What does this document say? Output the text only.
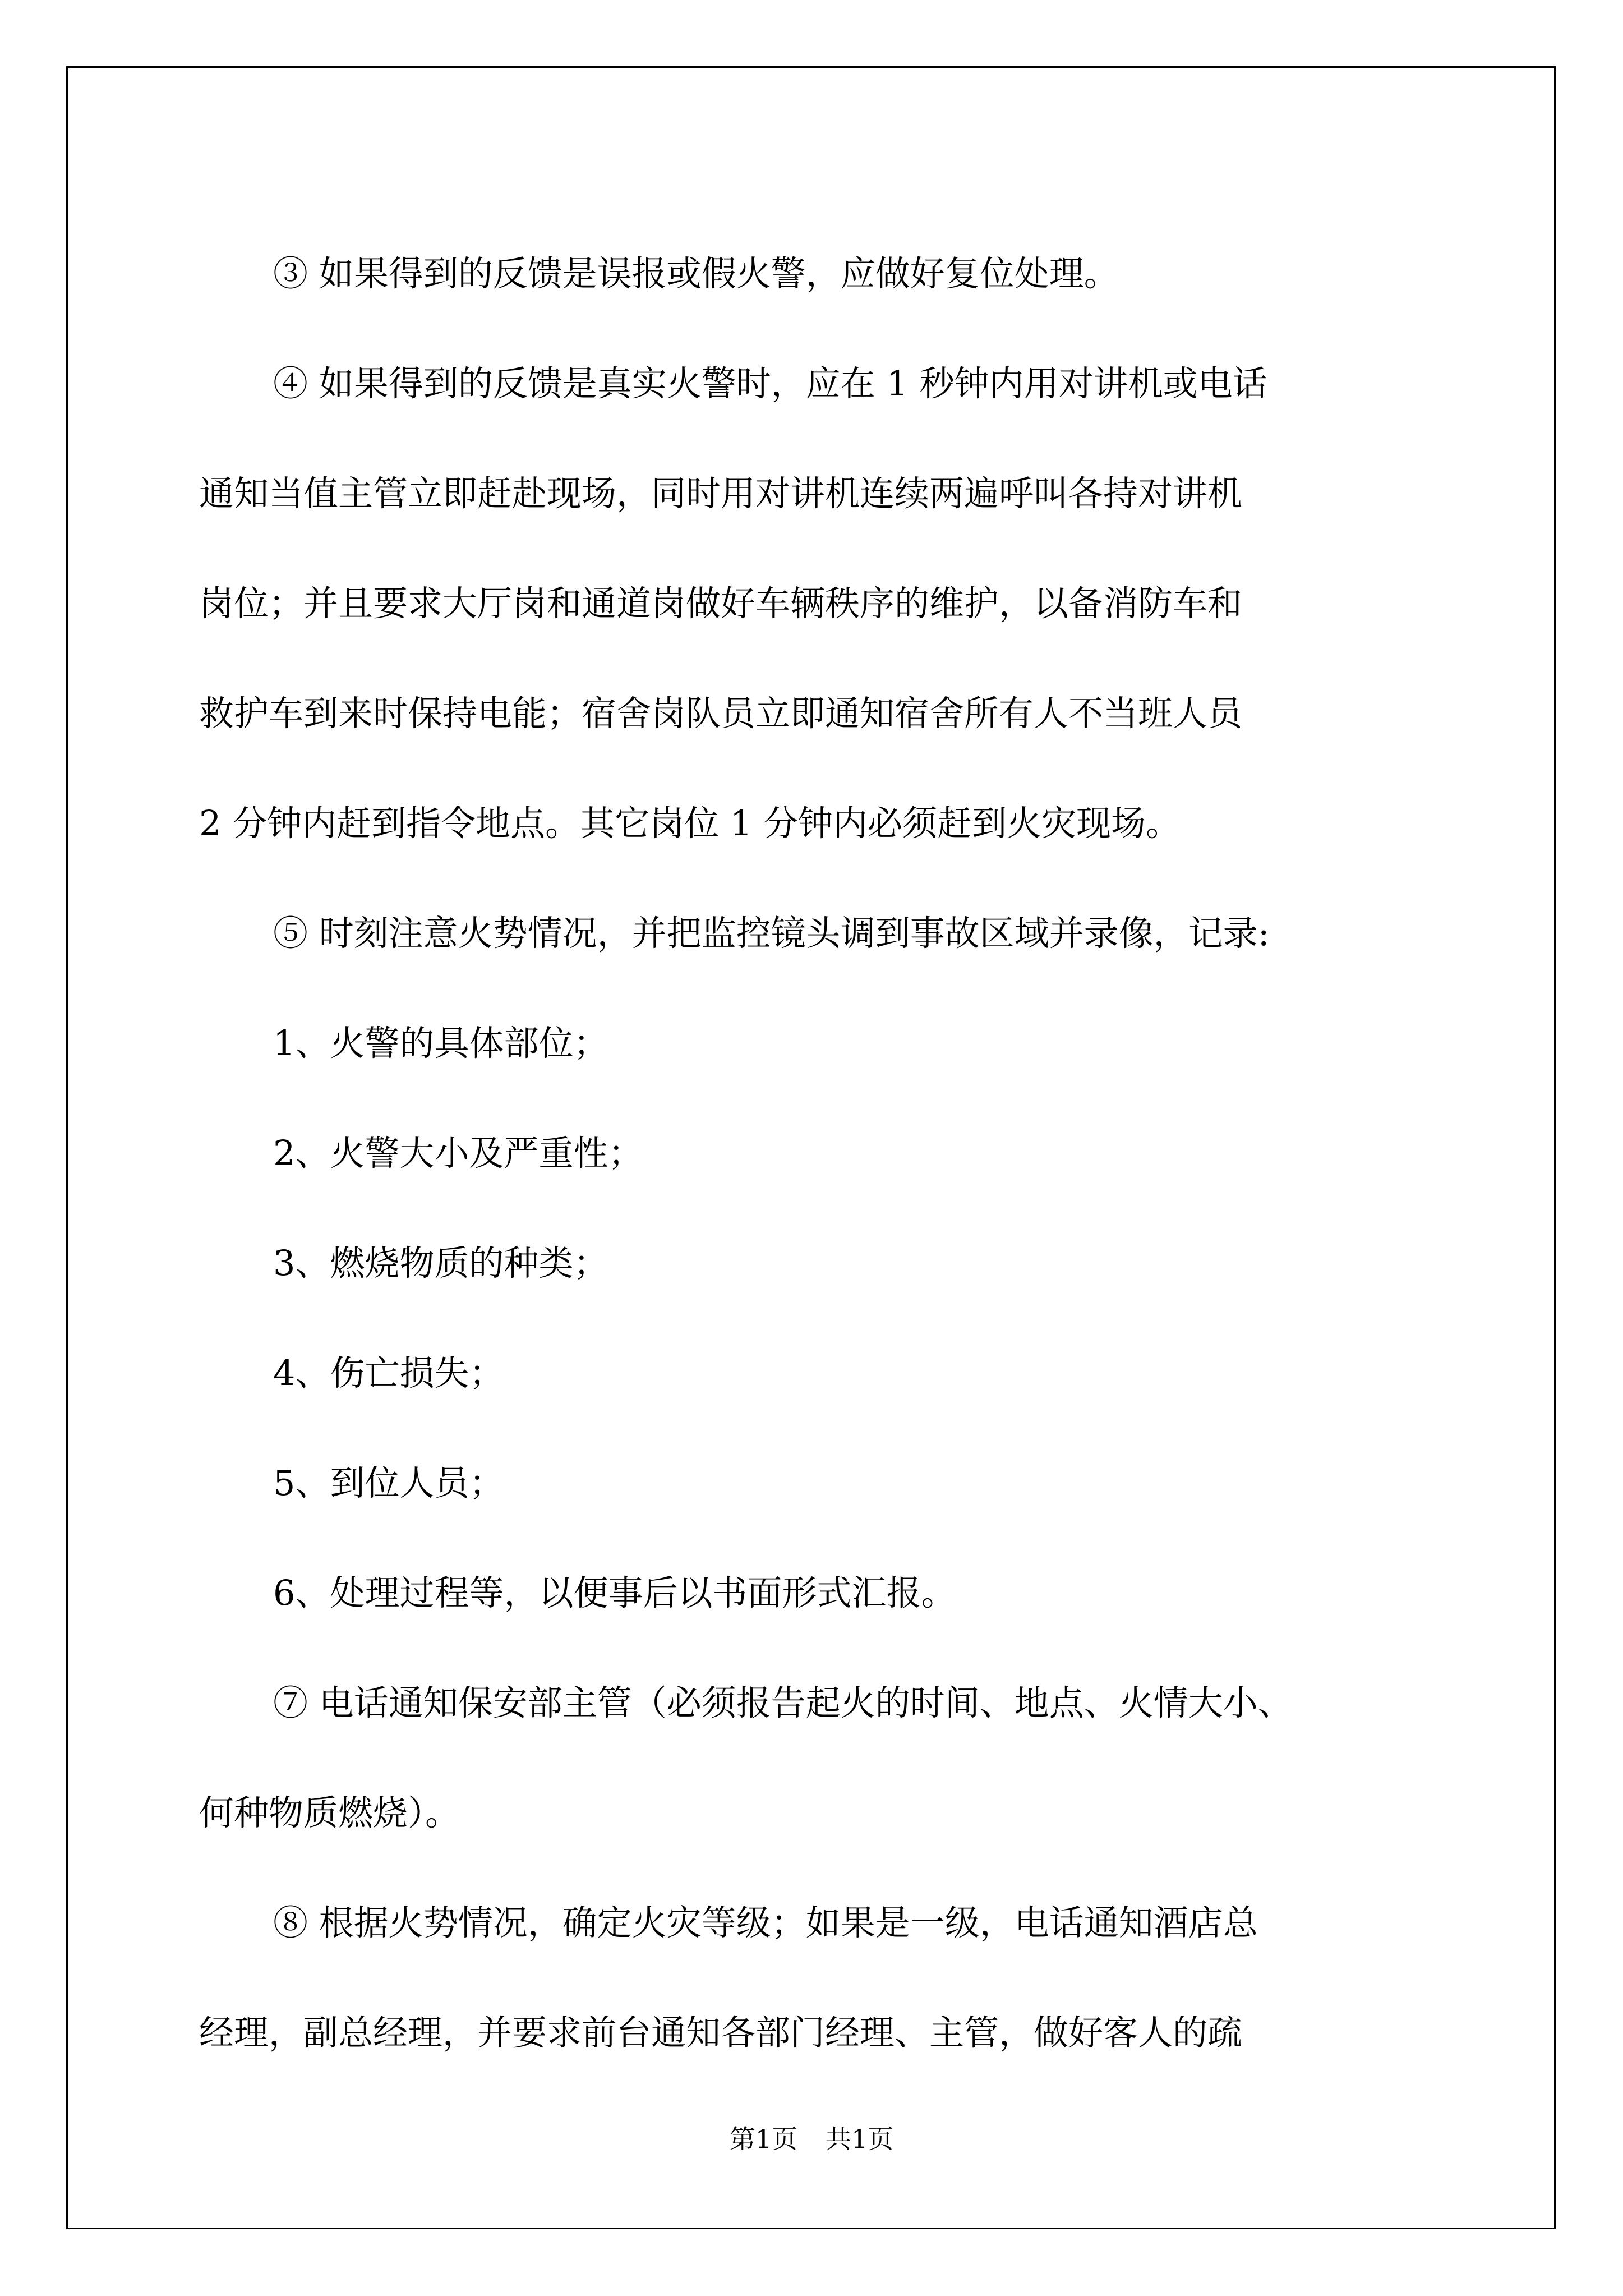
③ 如果得到的反馈是误报或假火警，应做好复位处理。

④ 如果得到的反馈是真实火警时，应在 1 秒钟内用对讲机或电话

通知当值主管立即赶赴现场，同时用对讲机连续两遍呼叫各持对讲机

岗位；并且要求大厅岗和通道岗做好车辆秩序的维护，以备消防车和

救护车到来时保持电能；宿舍岗队员立即通知宿舍所有人不当班人员

2 分钟内赶到指令地点。其它岗位 1 分钟内必须赶到火灾现场。

⑤ 时刻注意火势情况，并把监控镜头调到事故区域并录像，记录:

1、火警的具体部位；

2、火警大小及严重性；

3、燃烧物质的种类；

4、伤亡损失；

5、到位人员；

6、处理过程等，以便事后以书面形式汇报。

⑦ 电话通知保安部主管（必须报告起火的时间、地点、火情大小、

何种物质燃烧）。

⑧ 根据火势情况，确定火灾等级；如果是一级，电话通知酒店总

经理，副总经理，并要求前台通知各部门经理、主管，做好客人的疏

第1页 共1页
